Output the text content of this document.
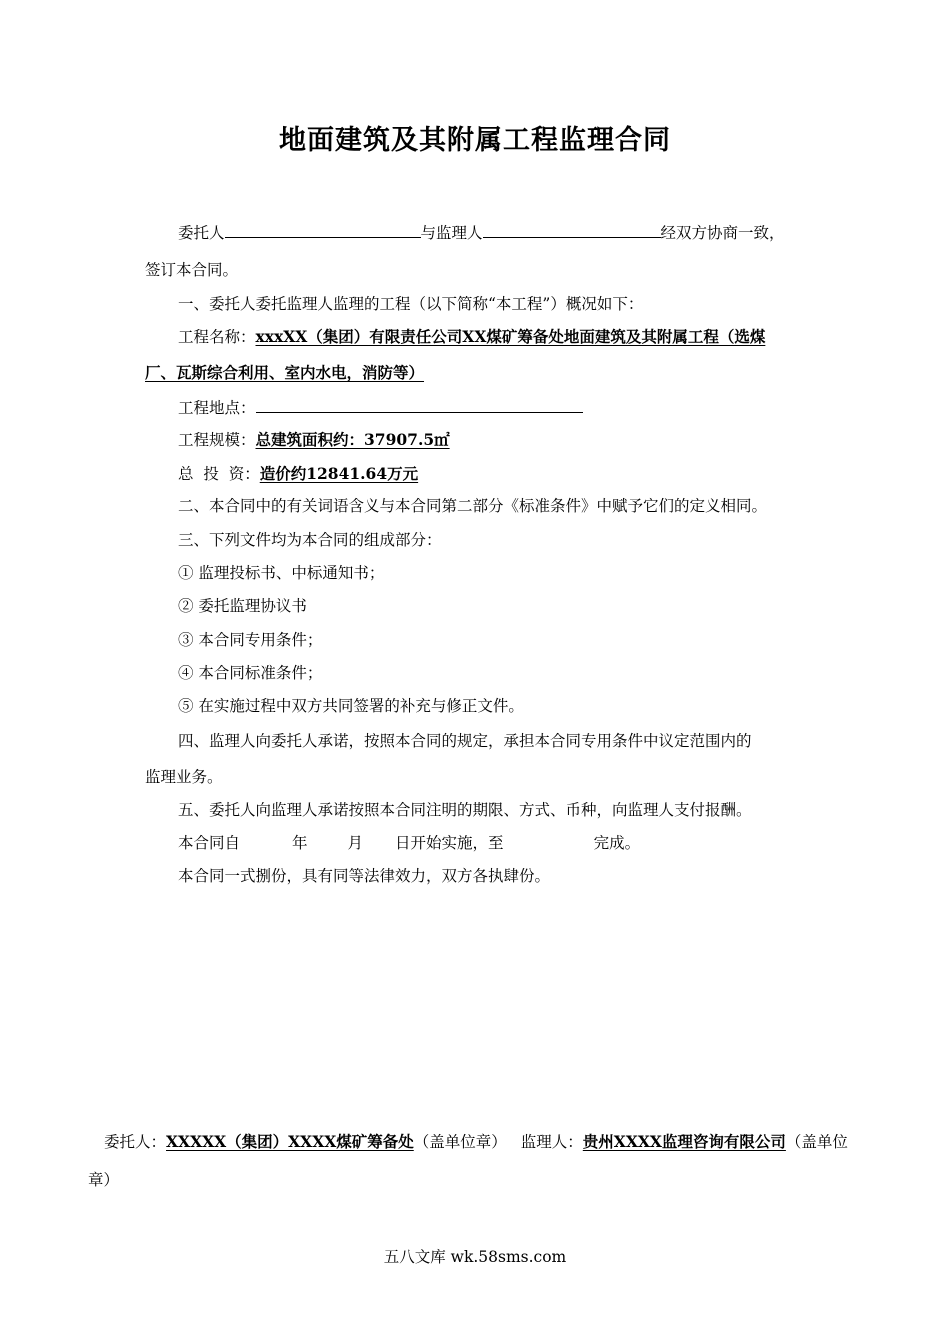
地面建筑及其附属工程监理合同
委托人	与监理人	经双方协商一致，
签订本合同。
一、委托人委托监理人监理的工程（以下简称“本工程”）概况如下：
工程名称：xxxXX（集团）有限责任公司XX煤矿筹备处地面建筑及其附属工程（选煤
厂、瓦斯综合利用、室内水电，消防等）
工程地点：
工程规模：总建筑面积约：37907.5㎡
总  投  资：造价约12841.64万元
二、本合同中的有关词语含义与本合同第二部分《标准条件》中赋予它们的定义相同。
三、下列文件均为本合同的组成部分：
① 监理投标书、中标通知书；
② 委托监理协议书
③ 本合同专用条件；
④ 本合同标准条件；
⑤ 在实施过程中双方共同签署的补充与修正文件。
四、监理人向委托人承诺，按照本合同的规定，承担本合同专用条件中议定范围内的
监理业务。
五、委托人向监理人承诺按照本合同注明的期限、方式、币种，向监理人支付报酬。
本合同自	年	月 日开始实施，至	完成。
本合同一式捌份，具有同等法律效力，双方各执肆份。
委托人：XXXXX（集团）XXXX煤矿筹备处（盖单位章） 监理人：贵州XXXX监理咨询有限公司（盖单位
章）
五八文库 wk.58sms.com
